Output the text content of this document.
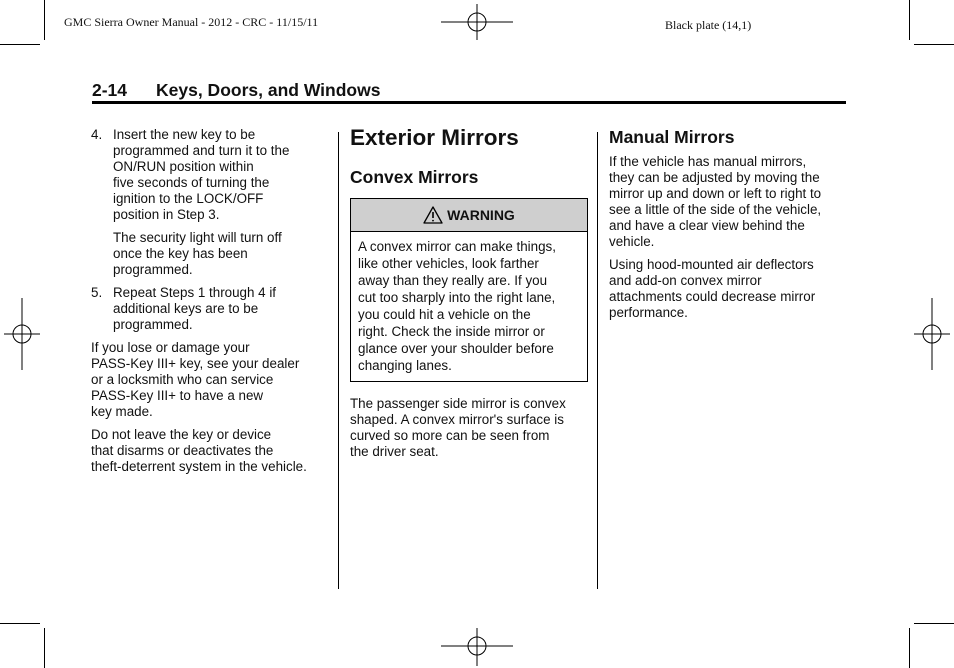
GMC Sierra Owner Manual - 2012 - CRC - 11/15/11	Black plate (14,1)
2-14 Keys, Doors, and Windows
4. Insert the new key to be
programmed and turn it to the
ON/RUN position within
five seconds of turning the
ignition to the LOCK/OFF
position in Step 3.
The security light will turn off
once the key has been
programmed.
5. Repeat Steps 1 through 4 if
additional keys are to be
programmed.
If you lose or damage your
PASS-Key III+ key, see your dealer
or a locksmith who can service
PASS-Key III+ to have a new
key made.
Do not leave the key or device
that disarms or deactivates the
theft-deterrent system in the vehicle.
Exterior Mirrors
Convex Mirrors
WARNING
A convex mirror can make things,
like other vehicles, look farther
away than they really are. If you
cut too sharply into the right lane,
you could hit a vehicle on the
right. Check the inside mirror or
glance over your shoulder before
changing lanes.
The passenger side mirror is convex
shaped. A convex mirror's surface is
curved so more can be seen from
the driver seat.
Manual Mirrors
If the vehicle has manual mirrors,
they can be adjusted by moving the
mirror up and down or left to right to
see a little of the side of the vehicle,
and have a clear view behind the
vehicle.
Using hood-mounted air deflectors
and add-on convex mirror
attachments could decrease mirror
performance.
